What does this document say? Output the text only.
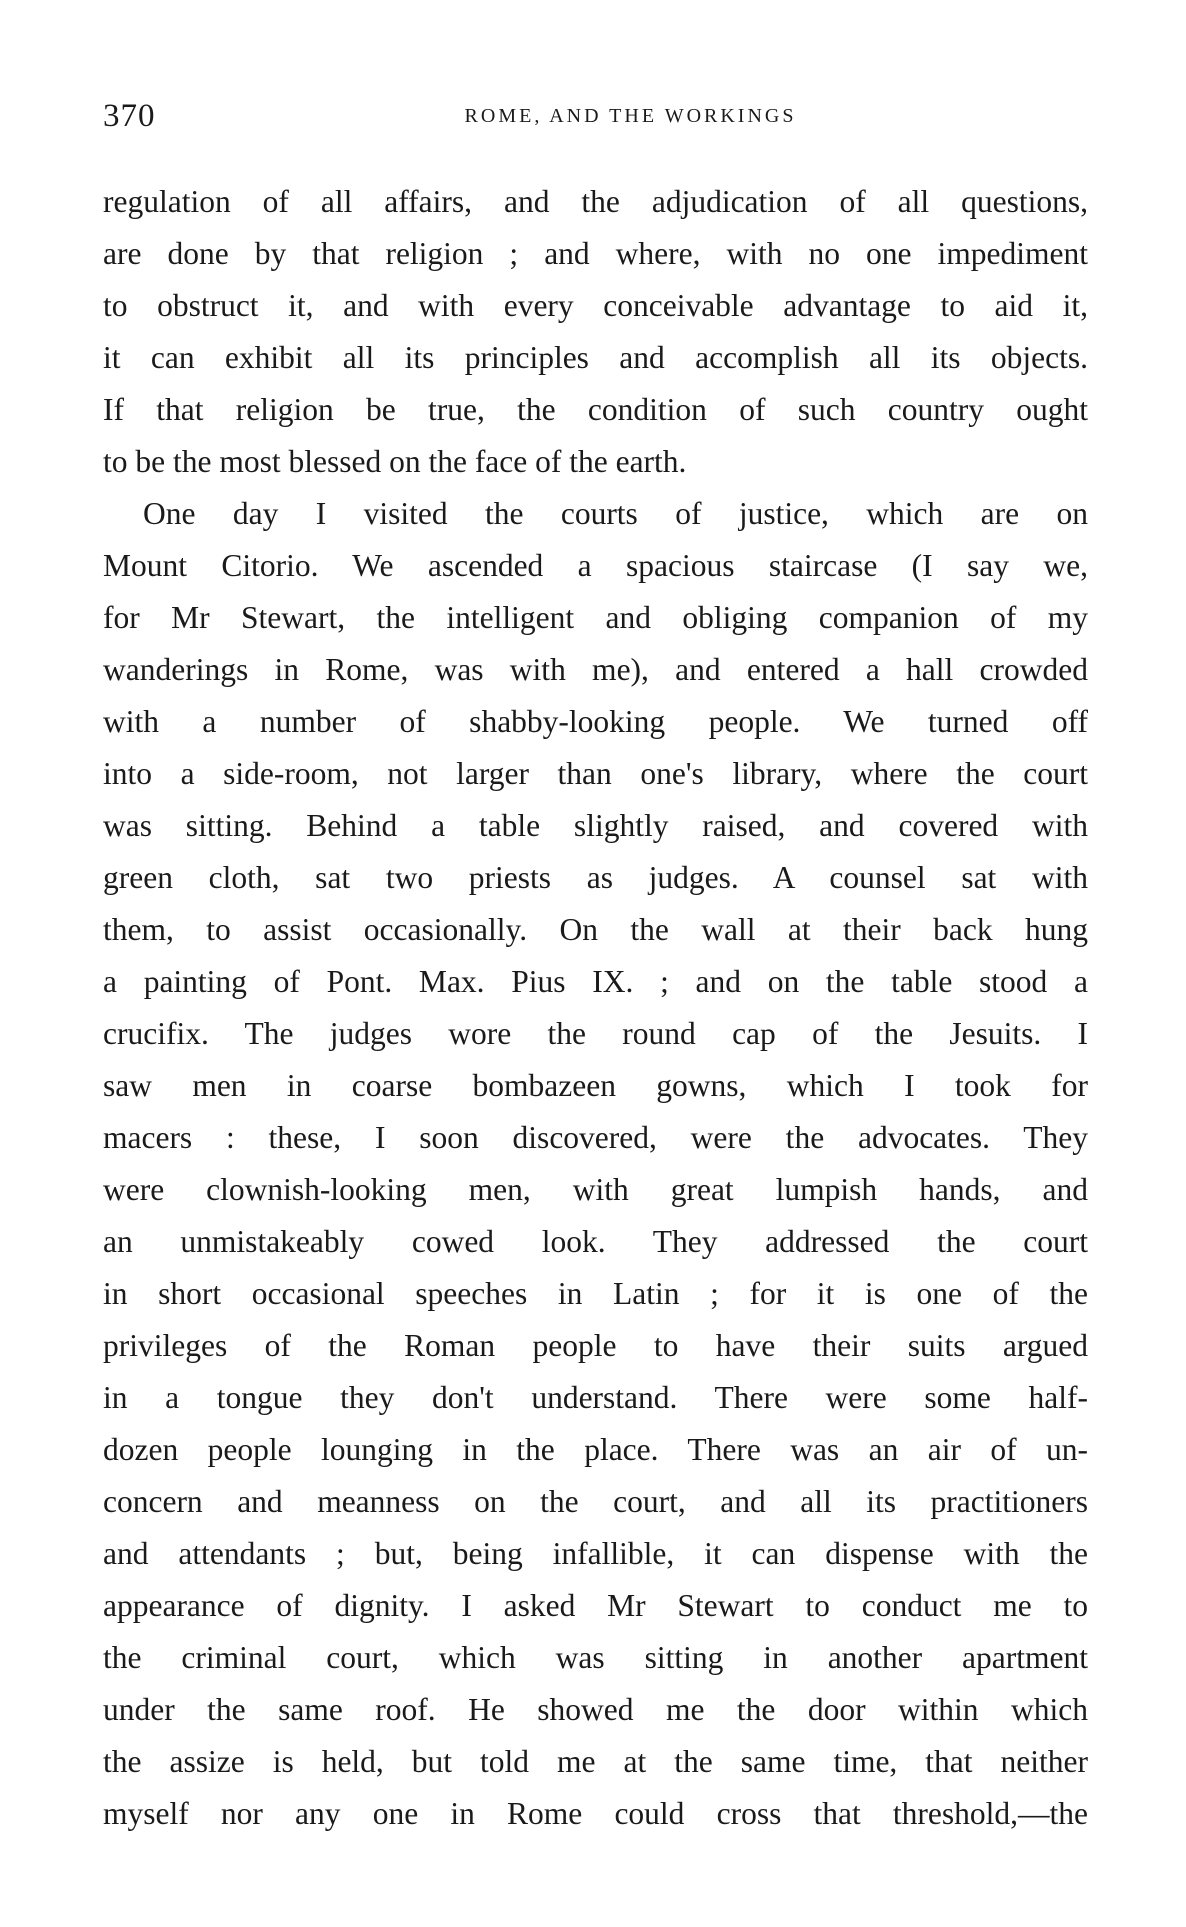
370	ROME, AND THE WORKINGS
regulation of all affairs, and the adjudication of all questions,
are done by that religion ; and where, with no one impediment
to obstruct it, and with every conceivable advantage to aid it,
it can exhibit all its principles and accomplish all its objects.
If that religion be true, the condition of such country ought
to be the most blessed on the face of the earth.
One day I visited the courts of justice, which are on
Mount Citorio. We ascended a spacious staircase (I say we,
for Mr Stewart, the intelligent and obliging companion of my
wanderings in Rome, was with me), and entered a hall crowded
with a number of shabby-looking people. We turned off
into a side-room, not larger than one's library, where the court
was sitting. Behind a table slightly raised, and covered with
green cloth, sat two priests as judges. A counsel sat with
them, to assist occasionally. On the wall at their back hung
a painting of Pont. Max. Pius IX. ; and on the table stood a
crucifix. The judges wore the round cap of the Jesuits. I
saw men in coarse bombazeen gowns, which I took for
macers : these, I soon discovered, were the advocates. They
were clownish-looking men, with great lumpish hands, and
an unmistakeably cowed look. They addressed the court
in short occasional speeches in Latin ; for it is one of the
privileges of the Roman people to have their suits argued
in a tongue they don't understand. There were some half-
dozen people lounging in the place. There was an air of un-
concern and meanness on the court, and all its practitioners
and attendants ; but, being infallible, it can dispense with the
appearance of dignity. I asked Mr Stewart to conduct me to
the criminal court, which was sitting in another apartment
under the same roof. He showed me the door within which
the assize is held, but told me at the same time, that neither
myself nor any one in Rome could cross that threshold,—the
